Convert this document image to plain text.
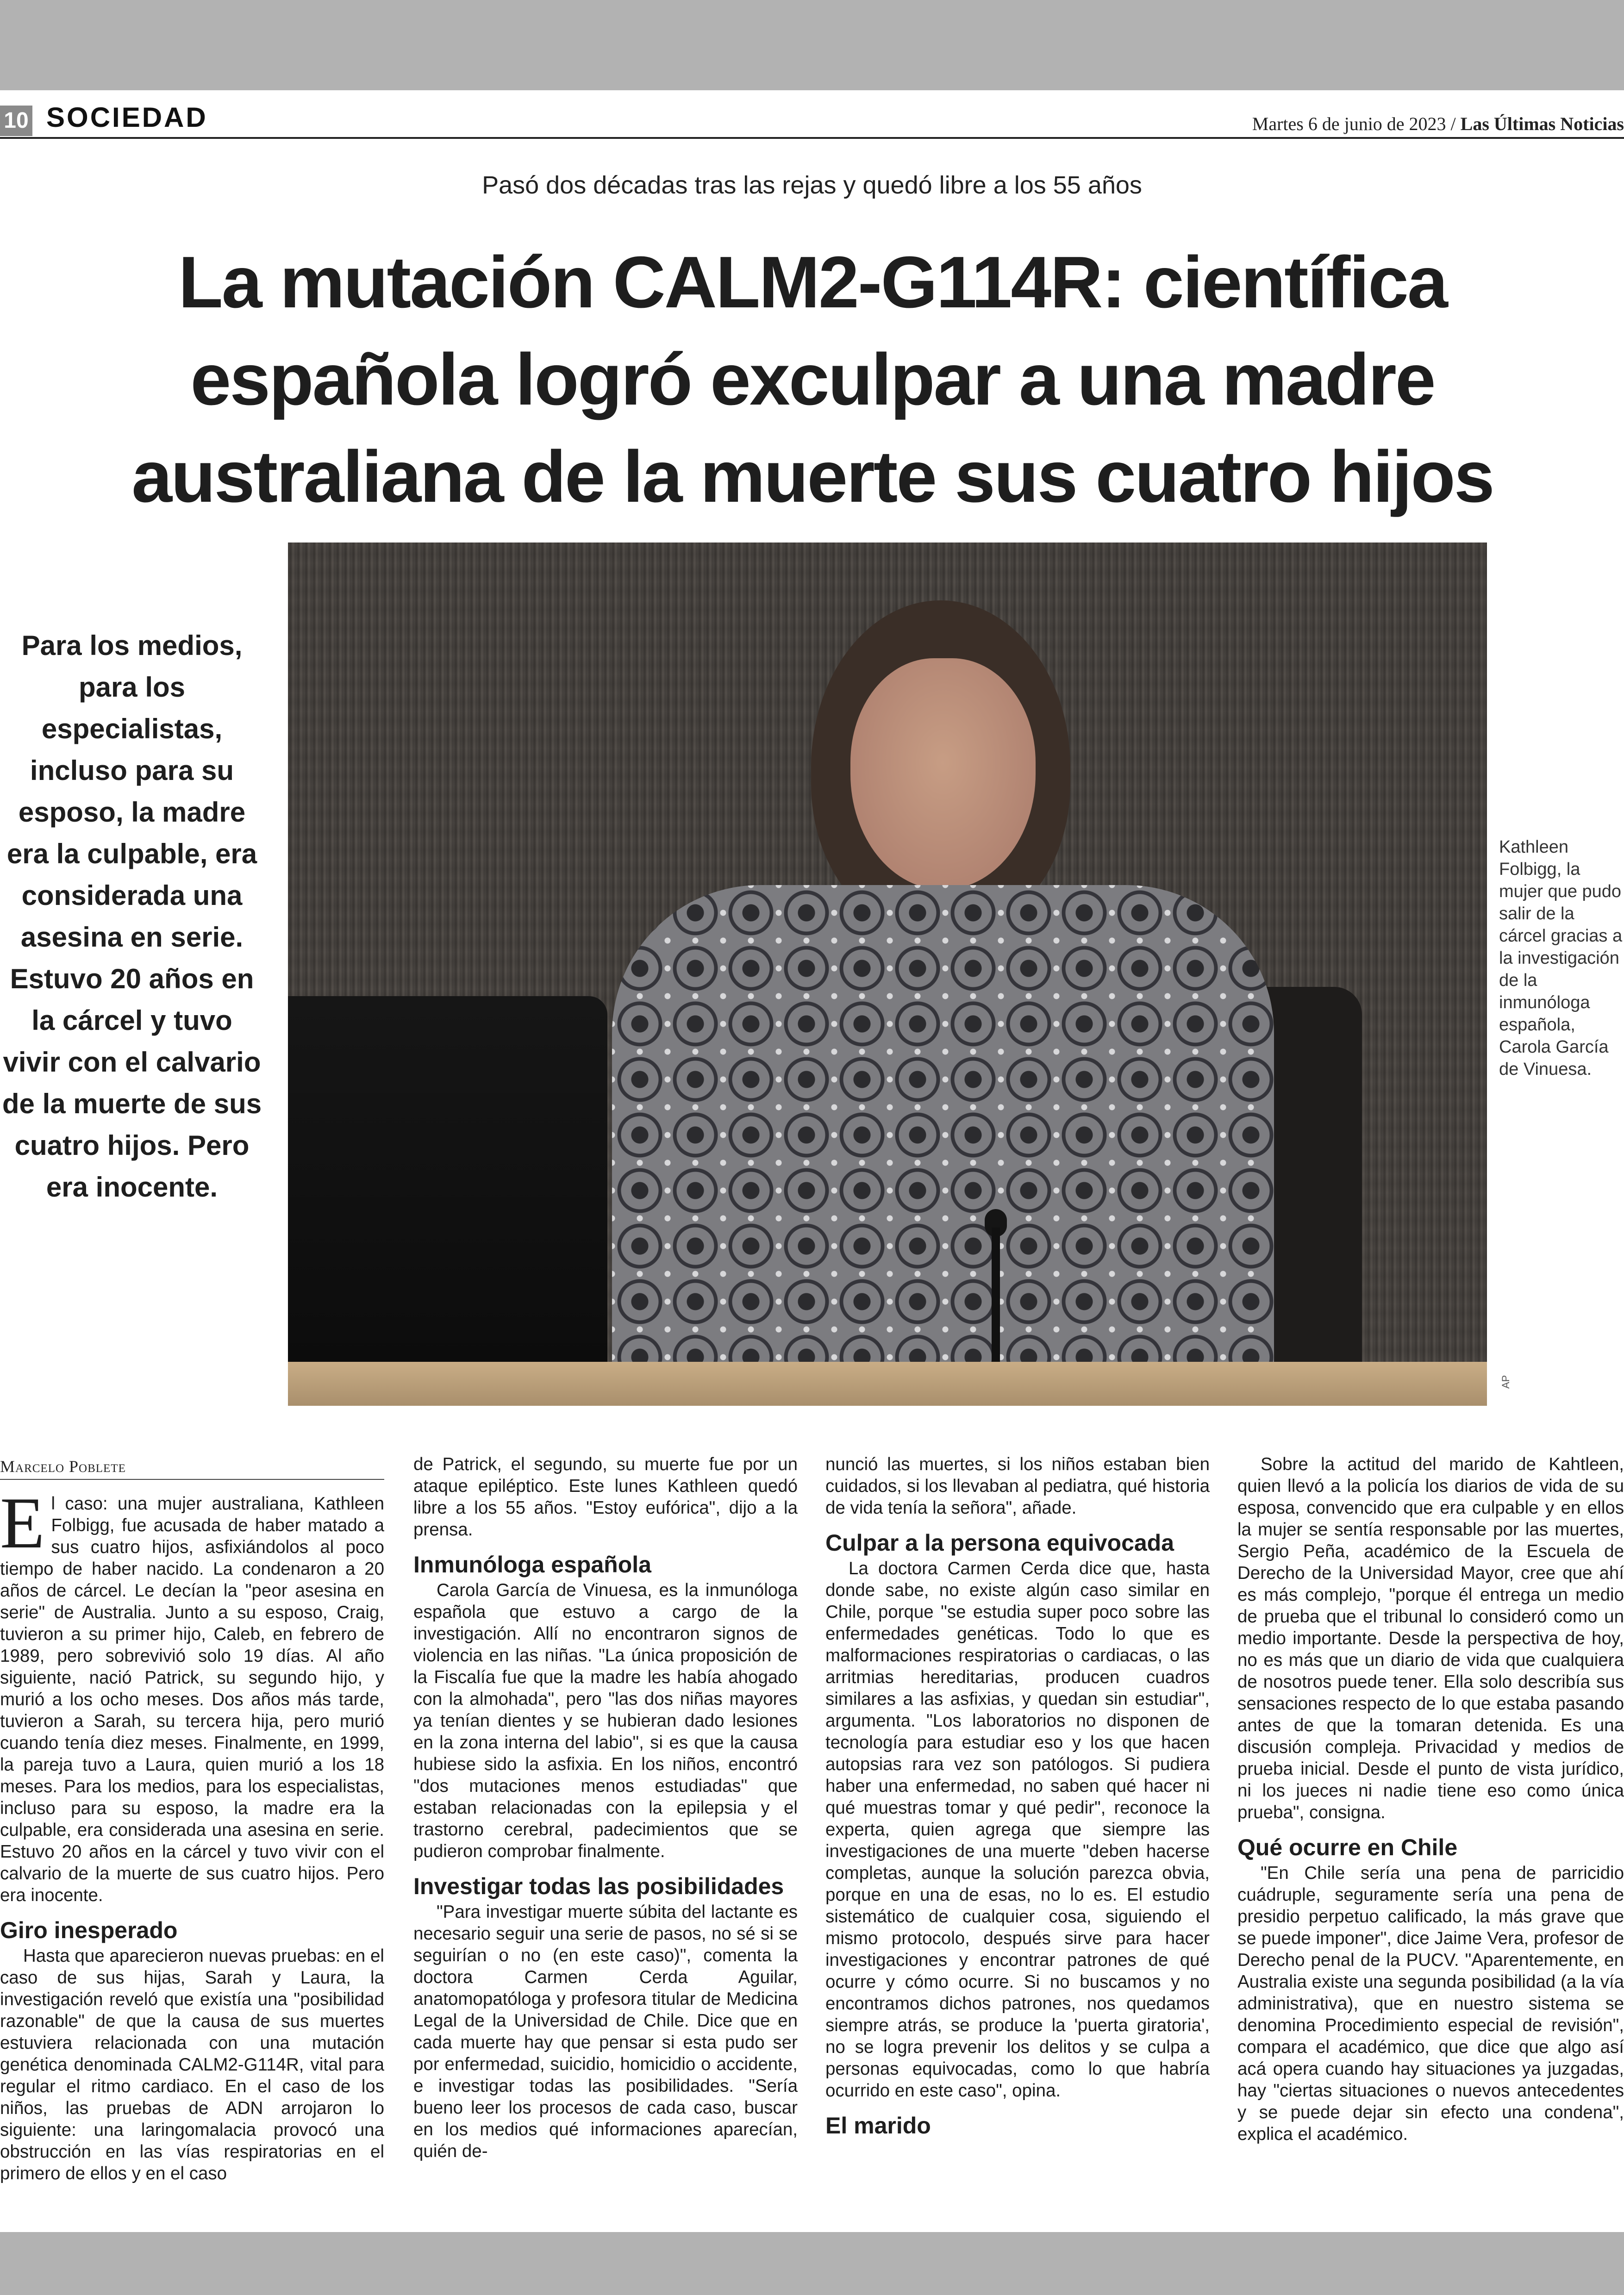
10 SOCIEDAD	Martes 6 de junio de 2023 / Las Últimas Noticias
Pasó dos décadas tras las rejas y quedó libre a los 55 años
La mutación CALM2-G114R: científica española logró exculpar a una madre australiana de la muerte sus cuatro hijos

Para los medios, para los especialistas, incluso para su esposo, la madre era la culpable, era considerada una asesina en serie. Estuvo 20 años en la cárcel y tuvo vivir con el calvario de la muerte de sus cuatro hijos. Pero era inocente.

AP

Kathleen Folbigg, la mujer que pudo salir de la cárcel gracias a la investigación de la inmunóloga española, Carola García de Vinuesa.

Marcelo Poblete

El caso: una mujer australiana, Kathleen Folbigg, fue acusada de haber matado a sus cuatro hijos, asfixiándolos al poco tiempo de haber nacido. La condenaron a 20 años de cárcel. Le decían la "peor asesina en serie" de Australia. Junto a su esposo, Craig, tuvieron a su primer hijo, Caleb, en febrero de 1989, pero sobrevivió solo 19 días. Al año siguiente, nació Patrick, su segundo hijo, y murió a los ocho meses. Dos años más tarde, tuvieron a Sarah, su tercera hija, pero murió cuando tenía diez meses. Finalmente, en 1999, la pareja tuvo a Laura, quien murió a los 18 meses. Para los medios, para los especialistas, incluso para su esposo, la madre era la culpable, era considerada una asesina en serie. Estuvo 20 años en la cárcel y tuvo vivir con el calvario de la muerte de sus cuatro hijos. Pero era inocente.

Giro inesperado

Hasta que aparecieron nuevas pruebas: en el caso de sus hijas, Sarah y Laura, la investigación reveló que existía una "posibilidad razonable" de que la causa de sus muertes estuviera relacionada con una mutación genética denominada CALM2-G114R, vital para regular el ritmo cardiaco. En el caso de los niños, las pruebas de ADN arrojaron lo siguiente: una laringomalacia provocó una obstrucción en las vías respiratorias en el primero de ellos y en el caso

de Patrick, el segundo, su muerte fue por un ataque epiléptico. Este lunes Kathleen quedó libre a los 55 años. "Estoy eufórica", dijo a la prensa.

Inmunóloga española

Carola García de Vinuesa, es la inmunóloga española que estuvo a cargo de la investigación. Allí no encontraron signos de violencia en las niñas. "La única proposición de la Fiscalía fue que la madre les había ahogado con la almohada", pero "las dos niñas mayores ya tenían dientes y se hubieran dado lesiones en la zona interna del labio", si es que la causa hubiese sido la asfixia. En los niños, encontró "dos mutaciones menos estudiadas" que estaban relacionadas con la epilepsia y el trastorno cerebral, padecimientos que se pudieron comprobar finalmente.

Investigar todas las posibilidades

"Para investigar muerte súbita del lactante es necesario seguir una serie de pasos, no sé si se seguirían o no (en este caso)", comenta la doctora Carmen Cerda Aguilar, anatomopatóloga y profesora titular de Medicina Legal de la Universidad de Chile. Dice que en cada muerte hay que pensar si esta pudo ser por enfermedad, suicidio, homicidio o accidente, e investigar todas las posibilidades. "Sería bueno leer los procesos de cada caso, buscar en los medios qué informaciones aparecían, quién de-

nunció las muertes, si los niños estaban bien cuidados, si los llevaban al pediatra, qué historia de vida tenía la señora", añade.

Culpar a la persona equivocada

La doctora Carmen Cerda dice que, hasta donde sabe, no existe algún caso similar en Chile, porque "se estudia super poco sobre las enfermedades genéticas. Todo lo que es malformaciones respiratorias o cardiacas, o las arritmias hereditarias, producen cuadros similares a las asfixias, y quedan sin estudiar", argumenta. "Los laboratorios no disponen de tecnología para estudiar eso y los que hacen autopsias rara vez son patólogos. Si pudiera haber una enfermedad, no saben qué hacer ni qué muestras tomar y qué pedir", reconoce la experta, quien agrega que siempre las investigaciones de una muerte "deben hacerse completas, aunque la solución parezca obvia, porque en una de esas, no lo es. El estudio sistemático de cualquier cosa, siguiendo el mismo protocolo, después sirve para hacer investigaciones y encontrar patrones de qué ocurre y cómo ocurre. Si no buscamos y no encontramos dichos patrones, nos quedamos siempre atrás, se produce la 'puerta giratoria', no se logra prevenir los delitos y se culpa a personas equivocadas, como lo que habría ocurrido en este caso", opina.

El marido

Sobre la actitud del marido de Kahtleen, quien llevó a la policía los diarios de vida de su esposa, convencido que era culpable y en ellos la mujer se sentía responsable por las muertes, Sergio Peña, académico de la Escuela de Derecho de la Universidad Mayor, cree que ahí es más complejo, "porque él entrega un medio de prueba que el tribunal lo consideró como un medio importante. Desde la perspectiva de hoy, no es más que un diario de vida que cualquiera de nosotros puede tener. Ella solo describía sus sensaciones respecto de lo que estaba pasando antes de que la tomaran detenida. Es una discusión compleja. Privacidad y medios de prueba inicial. Desde el punto de vista jurídico, ni los jueces ni nadie tiene eso como única prueba", consigna.

Qué ocurre en Chile

"En Chile sería una pena de parricidio cuádruple, seguramente sería una pena de presidio perpetuo calificado, la más grave que se puede imponer", dice Jaime Vera, profesor de Derecho penal de la PUCV. "Aparentemente, en Australia existe una segunda posibilidad (a la vía administrativa), que en nuestro sistema se denomina Procedimiento especial de revisión", compara el académico, que dice que algo así acá opera cuando hay situaciones ya juzgadas, hay "ciertas situaciones o nuevos antecedentes y se puede dejar sin efecto una condena", explica el académico.
